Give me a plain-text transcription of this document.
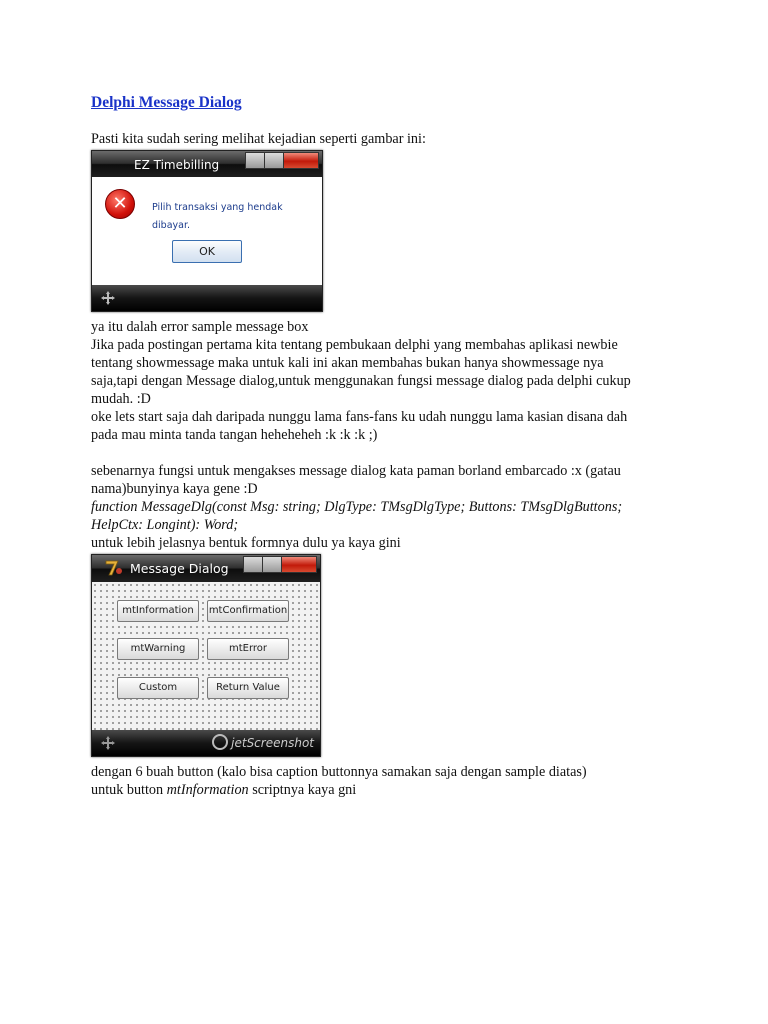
Delphi Message Dialog

Pasti kita sudah sering melihat kejadian seperti gambar ini:

EZ Timebilling
✕	Pilih transaksi yang hendak dibayar.
OK

ya itu dalah error sample message box

Jika pada postingan pertama kita tentang pembukaan delphi yang membahas aplikasi newbie

tentang showmessage maka untuk kali ini akan membahas bukan hanya showmessage nya

saja,tapi dengan Message dialog,untuk menggunakan fungsi message dialog pada delphi cukup

mudah. :D

oke lets start saja dah daripada nunggu lama fans-fans ku udah nunggu lama kasian disana dah

pada mau minta tanda tangan heheheheh :k :k :k ;)

sebenarnya fungsi untuk mengakses message dialog kata paman borland embarcado :x (gatau

nama)bunyinya kaya gene :D

function MessageDlg(const Msg: string; DlgType: TMsgDlgType; Buttons: TMsgDlgButtons;

HelpCtx: Longint): Word;

untuk lebih jelasnya bentuk formnya dulu ya kaya gini

Message Dialog
mtInformation	mtConfirmation
mtWarning	mtError
Custom	Return Value
jetScreenshot

dengan 6 buah button (kalo bisa caption buttonnya samakan saja dengan sample diatas)

untuk button mtInformation scriptnya kaya gni
